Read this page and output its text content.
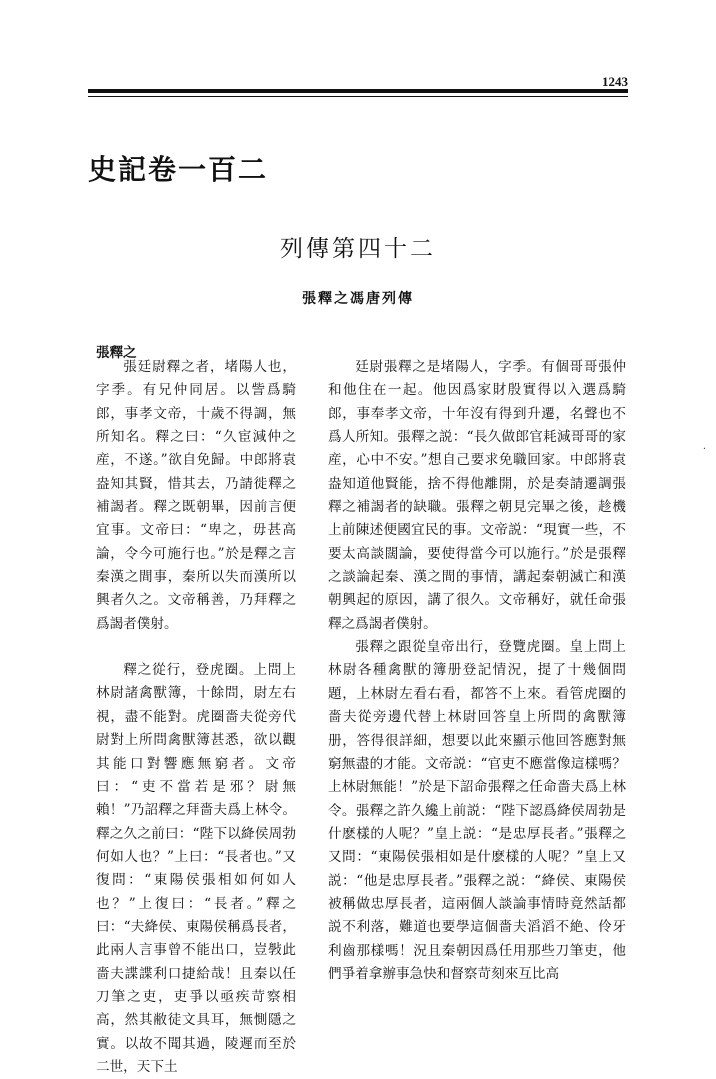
1243
史記卷一百二
列傳第四十二
張釋之馮唐列傳
張釋之

張廷尉釋之者，堵陽人也，字季。有兄仲同居。以訾爲騎郎，事孝文帝，十歲不得調，無所知名。釋之曰：“久宦減仲之産，不遂。”欲自免歸。中郎將袁盎知其賢，惜其去，乃請徙釋之補謁者。釋之既朝畢，因前言便宜事。文帝曰：“卑之，毋甚高論，令今可施行也。”於是釋之言秦漢之間事，秦所以失而漢所以興者久之。文帝稱善，乃拜釋之爲謁者僕射。

釋之從行，登虎圈。上問上林尉諸禽獸簿，十餘問，尉左右視，盡不能對。虎圈嗇夫從旁代尉對上所問禽獸簿甚悉，欲以觀其能口對響應無窮者。文帝曰：“吏不當若是邪？尉無賴！”乃詔釋之拜嗇夫爲上林令。釋之久之前曰：“陛下以絳侯周勃何如人也？”上曰：“長者也。”又復問：“東陽侯張相如何如人也？”上復曰：“長者。”釋之曰：“夫絳侯、東陽侯稱爲長者，此兩人言事曾不能出口，豈斅此嗇夫諜諜利口捷給哉！且秦以任刀筆之吏，吏爭以亟疾苛察相高，然其敝徒文具耳，無惻隱之實。以故不聞其過，陵遲而至於二世，天下土

廷尉張釋之是堵陽人，字季。有個哥哥張仲和他住在一起。他因爲家財殷實得以入選爲騎郎，事奉孝文帝，十年沒有得到升遷，名聲也不爲人所知。張釋之説：“長久做郎官耗減哥哥的家産，心中不安。”想自己要求免職回家。中郎將袁盎知道他賢能，捨不得他離開，於是奏請遷調張釋之補謁者的缺職。張釋之朝見完畢之後，趁機上前陳述便國宜民的事。文帝説：“現實一些，不要太高談闊論，要使得當今可以施行。”於是張釋之談論起秦、漢之間的事情，講起秦朝滅亡和漢朝興起的原因，講了很久。文帝稱好，就任命張釋之爲謁者僕射。

張釋之跟從皇帝出行，登覽虎圈。皇上問上林尉各種禽獸的簿册登記情況，提了十幾個問題，上林尉左看右看，都答不上來。看管虎圈的嗇夫從旁邊代替上林尉回答皇上所問的禽獸簿册，答得很詳細，想要以此來顯示他回答應對無窮無盡的才能。文帝説：“官吏不應當像這樣嗎？上林尉無能！”於是下詔命張釋之任命嗇夫爲上林令。張釋之許久纔上前説：“陛下認爲絳侯周勃是什麽樣的人呢？”皇上説：“是忠厚長者。”張釋之又問：“東陽侯張相如是什麽樣的人呢？”皇上又説：“他是忠厚長者。”張釋之説：“絳侯、東陽侯被稱做忠厚長者，這兩個人談論事情時竟然話都説不利落，難道也要學這個嗇夫滔滔不絶、伶牙利齒那樣嗎！況且秦朝因爲任用那些刀筆吏，他們爭着拿辦事急快和督察苛刻來互比高

·
